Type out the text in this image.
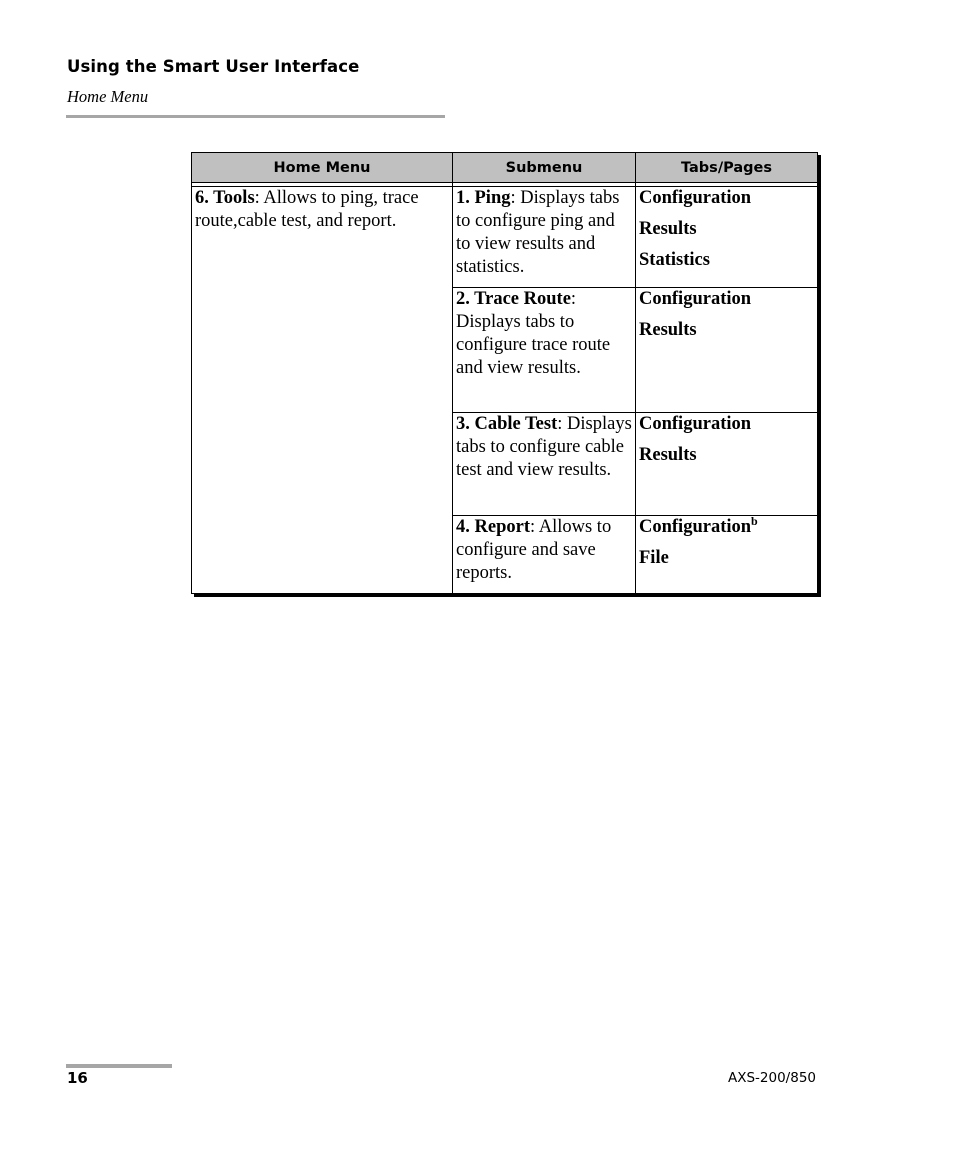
Using the Smart User Interface
Home Menu
Home Menu	Submenu	Tabs/Pages

6. Tools: Allows to ping, trace route,cable test, and report.	1. Ping: Displays tabs to configure ping and to view results and statistics.	Configuration
Results
Statistics

	2. Trace Route: Displays tabs to configure trace route and view results.	Configuration
Results

	3. Cable Test: Displays tabs to configure cable test and view results.	Configuration
Results

	4. Report: Allows to configure and save reports.	Configuration$^b$
File
16	AXS-200/850
